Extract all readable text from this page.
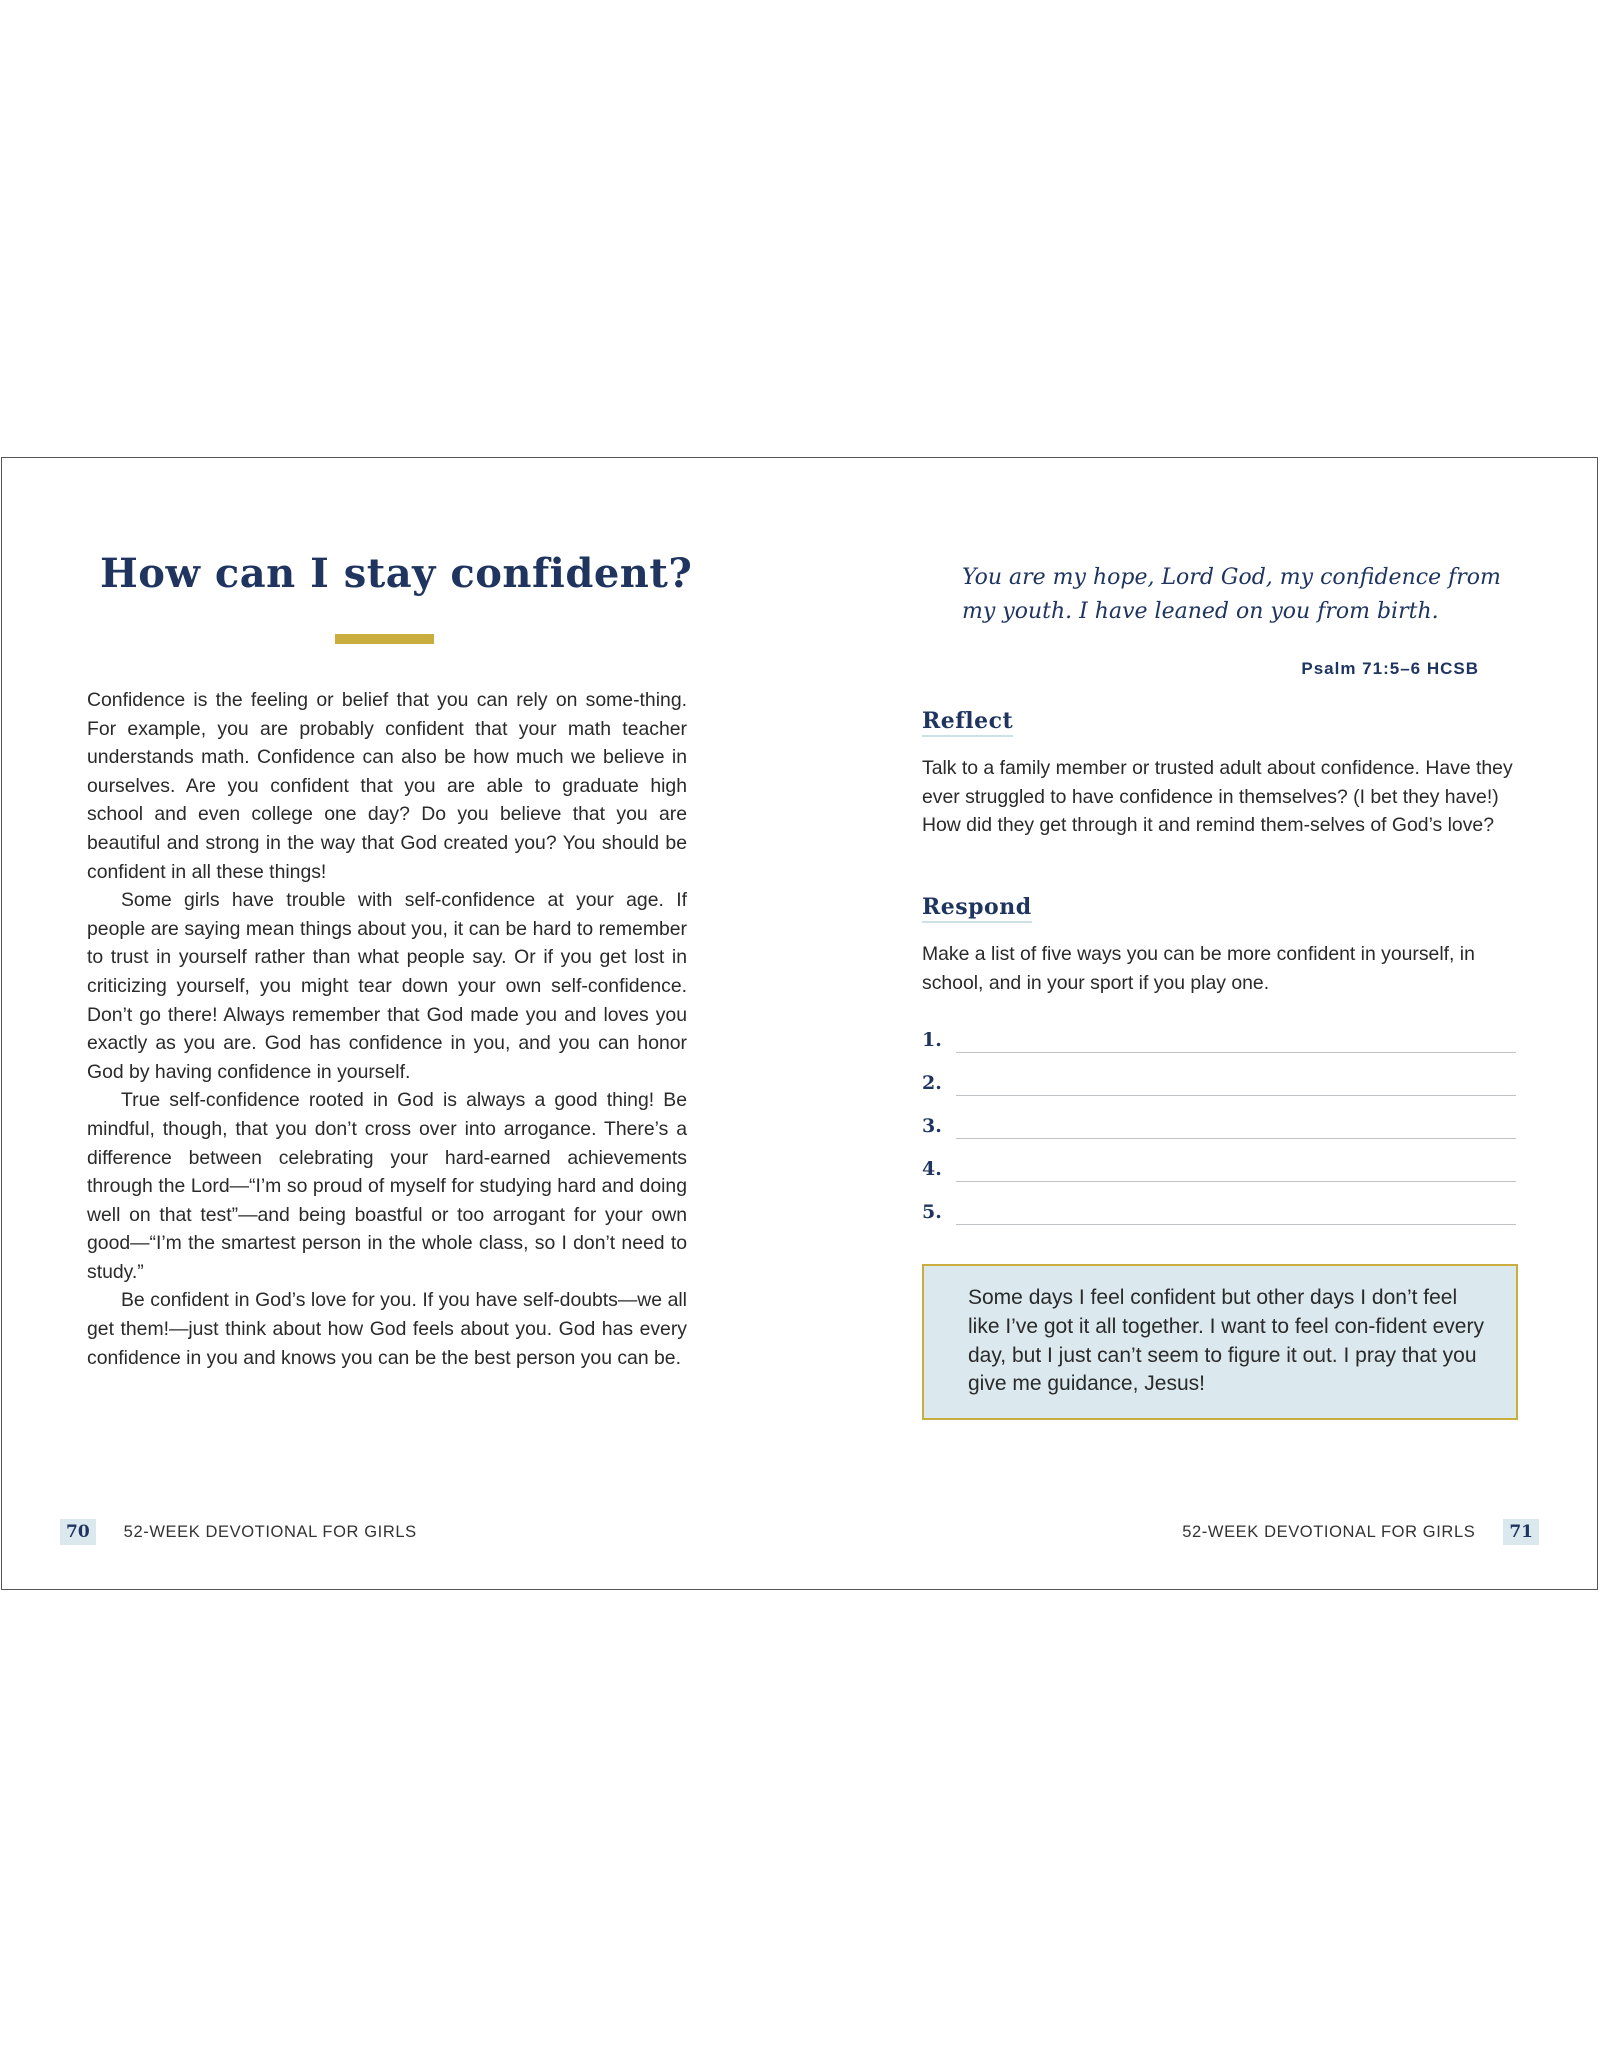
How can I stay confident?

Confidence is the feeling or belief that you can rely on some-thing. For example, you are probably confident that your math teacher understands math. Confidence can also be how much we believe in ourselves. Are you confident that you are able to graduate high school and even college one day? Do you believe that you are beautiful and strong in the way that God created you? You should be confident in all these things!

Some girls have trouble with self-confidence at your age. If people are saying mean things about you, it can be hard to remember to trust in yourself rather than what people say. Or if you get lost in criticizing yourself, you might tear down your own self-confidence. Don’t go there! Always remember that God made you and loves you exactly as you are. God has confidence in you, and you can honor God by having confidence in yourself.

True self-confidence rooted in God is always a good thing! Be mindful, though, that you don’t cross over into arrogance. There’s a difference between celebrating your hard-earned achievements through the Lord—“I’m so proud of myself for studying hard and doing well on that test”—and being boastful or too arrogant for your own good—“I’m the smartest person in the whole class, so I don’t need to study.”

Be confident in God’s love for you. If you have self-doubts—we all get them!—just think about how God feels about you. God has every confidence in you and knows you can be the best person you can be.

70	52-WEEK DEVOTIONAL FOR GIRLS
You are my hope, Lord God, my confidence from my youth. I have leaned on you from birth.
Psalm 71:5–6 HCSB
Reflect

Talk to a family member or trusted adult about confidence. Have they ever struggled to have confidence in themselves? (I bet they have!) How did they get through it and remind them-selves of God’s love?

Respond

Make a list of five ways you can be more confident in yourself, in school, and in your sport if you play one.

1.
2.
3.
4.
5.
Some days I feel confident but other days I don’t feel like I’ve got it all together. I want to feel con-fident every day, but I just can’t seem to figure it out. I pray that you give me guidance, Jesus!
52-WEEK DEVOTIONAL FOR GIRLS	71
